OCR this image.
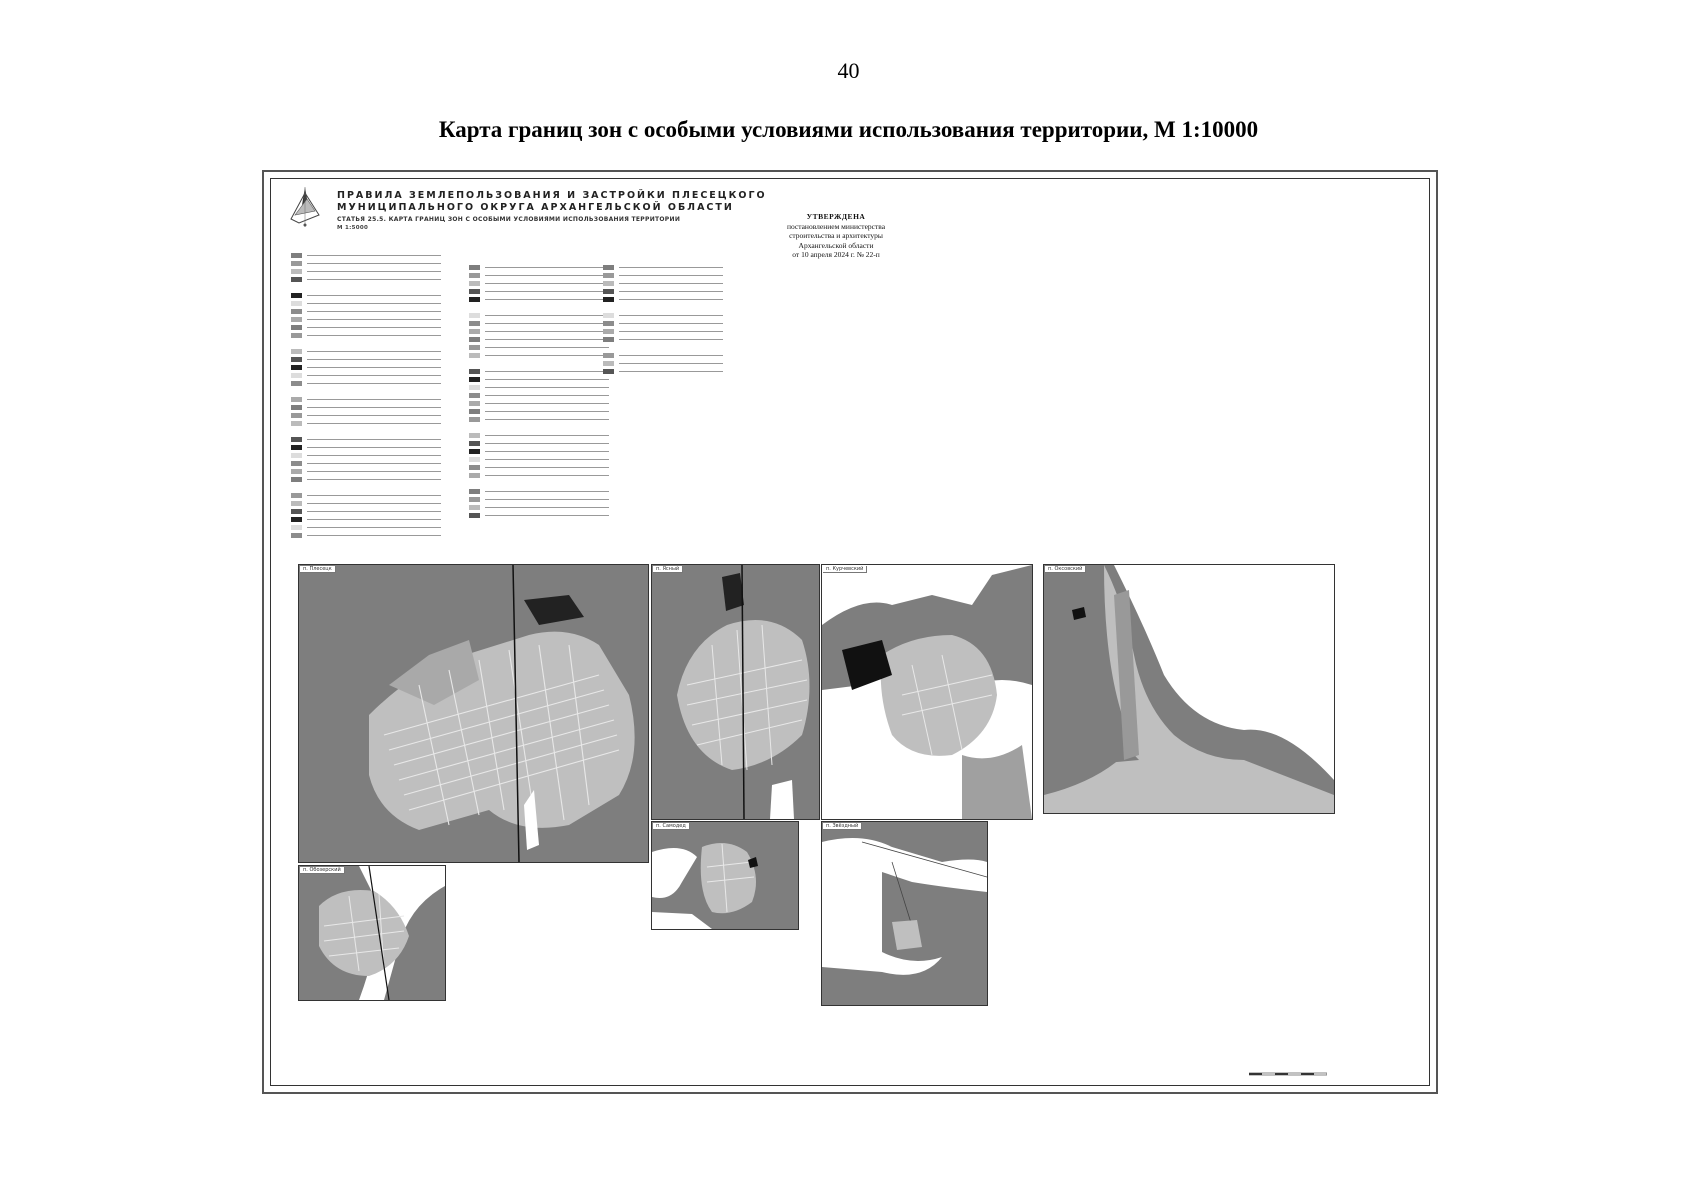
40
Карта границ зон с особыми условиями использования территории, М 1:10000
ПРАВИЛА ЗЕМЛЕПОЛЬЗОВАНИЯ И ЗАСТРОЙКИ ПЛЕСЕЦКОГО
МУНИЦИПАЛЬНОГО ОКРУГА АРХАНГЕЛЬСКОЙ ОБЛАСТИ
СТАТЬЯ 25.5. КАРТА ГРАНИЦ ЗОН С ОСОБЫМИ УСЛОВИЯМИ ИСПОЛЬЗОВАНИЯ ТЕРРИТОРИИ
М 1:5000
УТВЕРЖДЕНА
постановлением министерства
строительства и архитектуры
Архангельской области
от 10 апреля 2024 г. № 22-п
п. Плесецк	п. Ясный	п. Курчевский	п. Оксовский
п. Обозерский
п. Самодед	п. Звёздный
